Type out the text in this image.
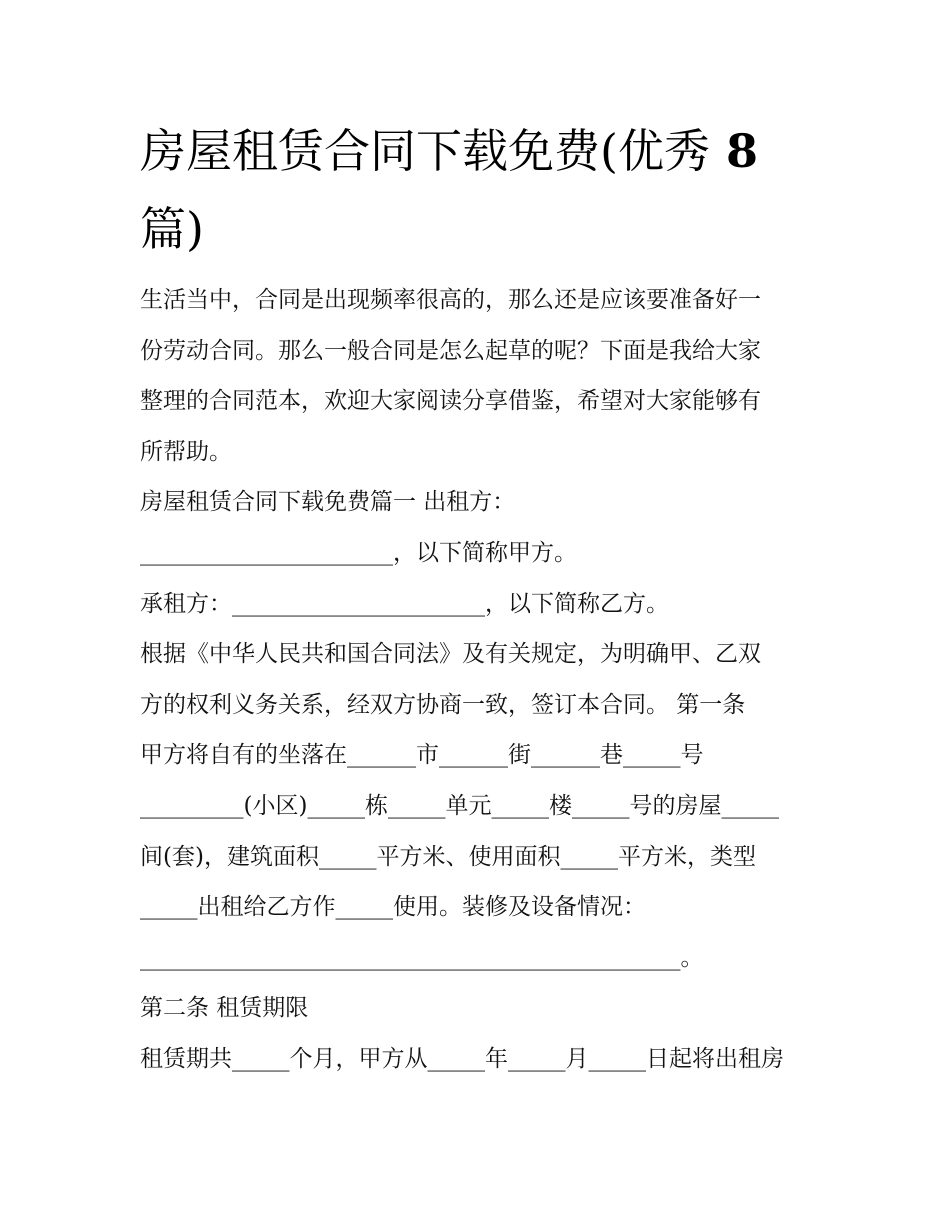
房屋租赁合同下载免费(优秀 8
篇)
生活当中，合同是出现频率很高的，那么还是应该要准备好一
份劳动合同。那么一般合同是怎么起草的呢？下面是我给大家
整理的合同范本，欢迎大家阅读分享借鉴，希望对大家能够有
所帮助。
房屋租赁合同下载免费篇一 出租方：
______________________，以下简称甲方。
承租方：______________________，以下简称乙方。
根据《中华人民共和国合同法》及有关规定，为明确甲、乙双
方的权利义务关系，经双方协商一致，签订本合同。 第一条
甲方将自有的坐落在______市______街______巷_____号
_________(小区)_____栋_____单元_____楼_____号的房屋_____
间(套)，建筑面积_____平方米、使用面积_____平方米，类型
_____出租给乙方作_____使用。装修及设备情况：
_______________________________________________。
第二条 租赁期限
租赁期共_____个月，甲方从_____年_____月_____日起将出租房
